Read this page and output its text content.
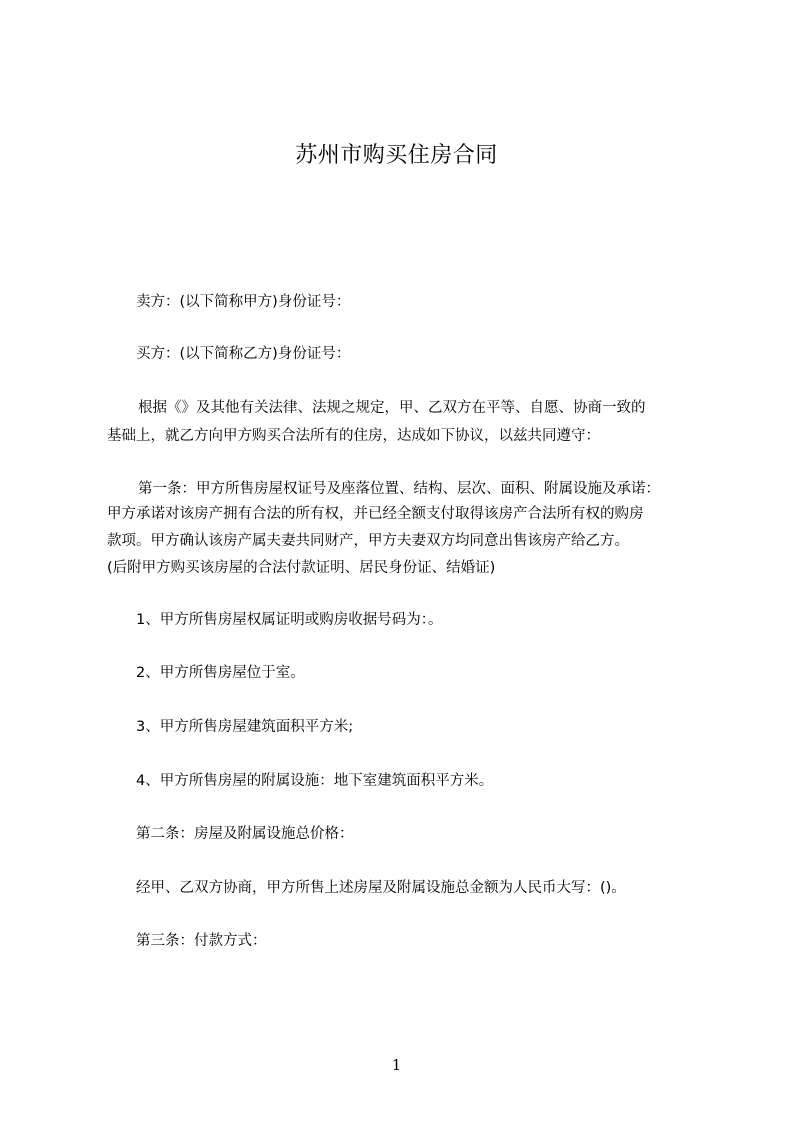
苏州市购买住房合同
卖方：(以下简称甲方)身份证号：
买方：(以下简称乙方)身份证号：
根据《》及其他有关法律、法规之规定，甲、乙双方在平等、自愿、协商一致的
基础上，就乙方向甲方购买合法所有的住房，达成如下协议，以兹共同遵守：
第一条：甲方所售房屋权证号及座落位置、结构、层次、面积、附属设施及承诺：
甲方承诺对该房产拥有合法的所有权，并已经全额支付取得该房产合法所有权的购房
款项。甲方确认该房产属夫妻共同财产，甲方夫妻双方均同意出售该房产给乙方。
(后附甲方购买该房屋的合法付款证明、居民身份证、结婚证)
1、甲方所售房屋权属证明或购房收据号码为：。
2、甲方所售房屋位于室。
3、甲方所售房屋建筑面积平方米;
4、甲方所售房屋的附属设施：地下室建筑面积平方米。
第二条：房屋及附属设施总价格：
经甲、乙双方协商，甲方所售上述房屋及附属设施总金额为人民币大写：()。
第三条：付款方式：
1
